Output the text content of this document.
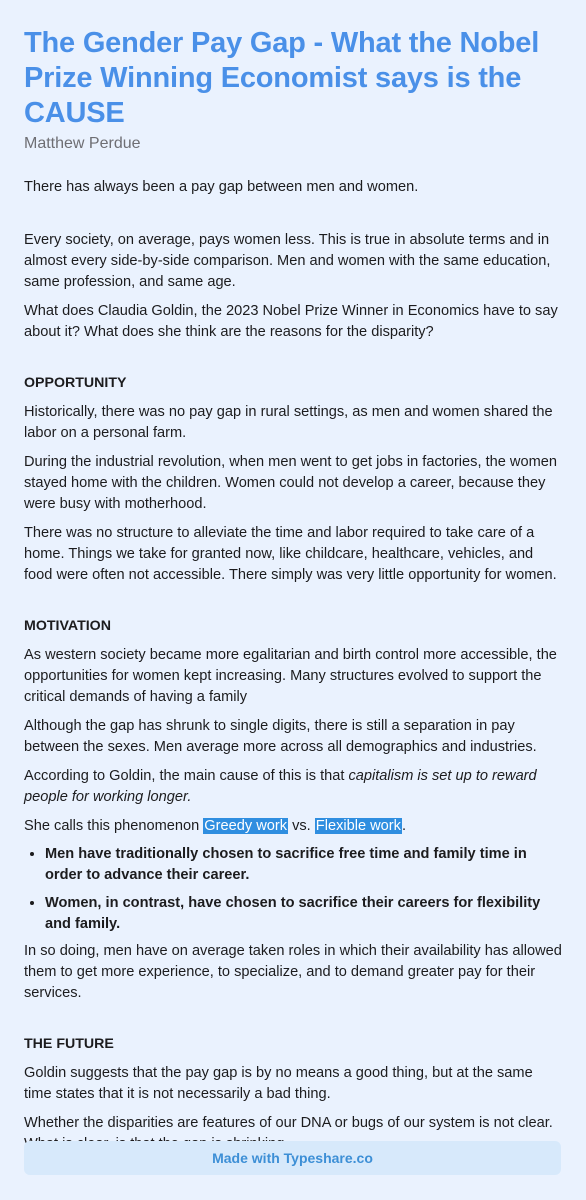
The Gender Pay Gap - What the Nobel Prize Winning Economist says is the CAUSE
Matthew Perdue

There has always been a pay gap between men and women.

Every society, on average, pays women less. This is true in absolute terms and in almost every side-by-side comparison. Men and women with the same education, same profession, and same age.

What does Claudia Goldin, the 2023 Nobel Prize Winner in Economics have to say about it? What does she think are the reasons for the disparity?

OPPORTUNITY

Historically, there was no pay gap in rural settings, as men and women shared the labor on a personal farm.

During the industrial revolution, when men went to get jobs in factories, the women stayed home with the children. Women could not develop a career, because they were busy with motherhood.

There was no structure to alleviate the time and labor required to take care of a home. Things we take for granted now, like childcare, healthcare, vehicles, and food were often not accessible. There simply was very little opportunity for women.

MOTIVATION

As western society became more egalitarian and birth control more accessible, the opportunities for women kept increasing. Many structures evolved to support the critical demands of having a family

Although the gap has shrunk to single digits, there is still a separation in pay between the sexes. Men average more across all demographics and industries.

According to Goldin, the main cause of this is that capitalism is set up to reward people for working longer.

She calls this phenomenon Greedy work vs. Flexible work.

• Men have traditionally chosen to sacrifice free time and family time in order to advance their career.
• Women, in contrast, have chosen to sacrifice their careers for flexibility and family.

In so doing, men have on average taken roles in which their availability has allowed them to get more experience, to specialize, and to demand greater pay for their services.

THE FUTURE

Goldin suggests that the pay gap is by no means a good thing, but at the same time states that it is not necessarily a bad thing.

Whether the disparities are features of our DNA or bugs of our system is not clear.

Made with Typeshare.co
